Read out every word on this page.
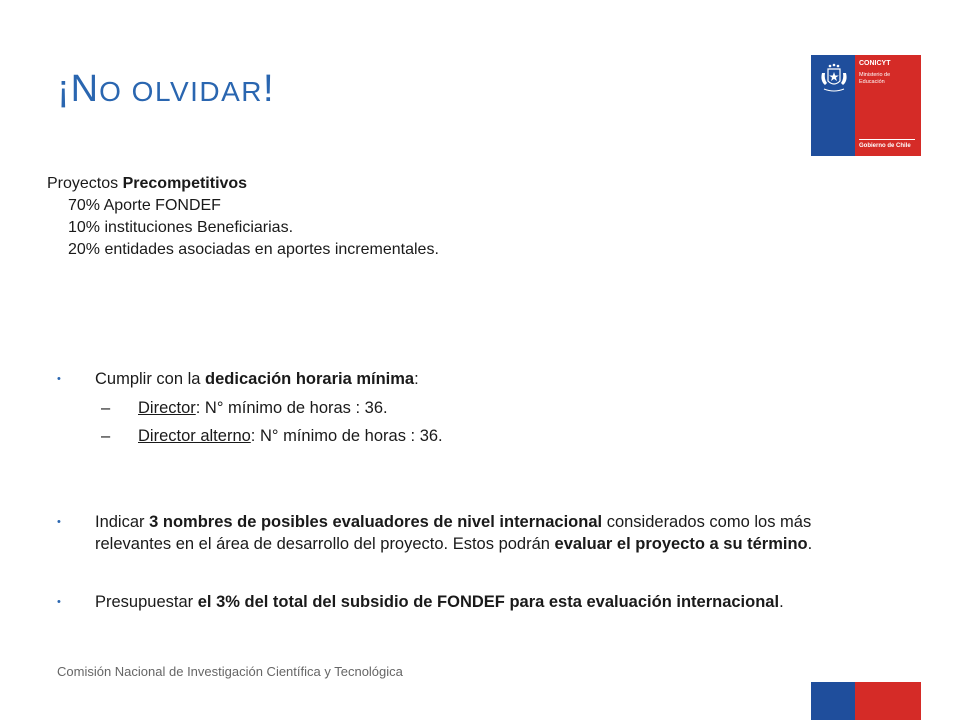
¡NO OLVIDAR!
CONICYT
Ministerio de
Educación
Gobierno de Chile
Proyectos Precompetitivos
70% Aporte FONDEF
10% instituciones Beneficiarias.
20% entidades asociadas en aportes incrementales.
• Cumplir con la dedicación horaria mínima:
– Director: N° mínimo de horas : 36.
– Director alterno: N° mínimo de horas : 36.
• Indicar 3 nombres de posibles evaluadores de nivel internacional considerados como los más relevantes en el área de desarrollo del proyecto. Estos podrán evaluar el proyecto a su término.
• Presupuestar el 3% del total del subsidio de FONDEF para esta evaluación internacional.
Comisión Nacional de Investigación Científica y Tecnológica
